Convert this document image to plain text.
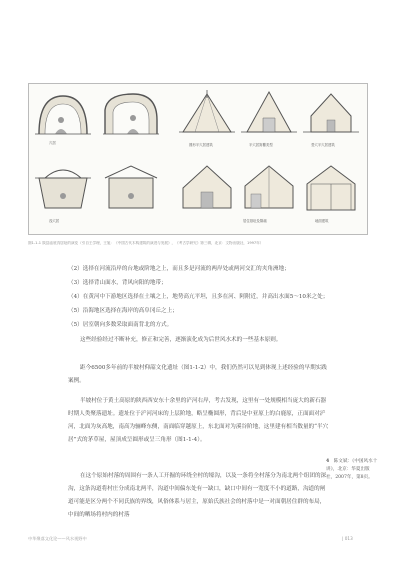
穴居	半穴居窝棚类型	竖穴半穴居建筑
圆形半穴居建筑
浅穴居	居住基址及隔墙	地面建筑
图1-1-1 陕县庙底沟居址的演变（引自王学理，王旭：《中国古代木构建筑的演进与发展》，《考古学研究》第三辑，北京：文物出版社，1997年）

（2）选择在河流沿岸的台地或阶地之上，而且多是河流的两岸处或两河交汇的夹角洲地；

（3）选择背山面水，背风向阳的地带；

（4）在黄河中下游地区选择在土壤之上，地势高亢平坦，且多在河、阿附近，并高出水面5～10米之处；

（5）沿海地区选择在海岸的高阜冈丘之上；

（5）居室朝向多数采取面南背北的方式。

这些经验经过不断补充，修正和完善，逐渐演化成为后世风水术的一些基本原则。

距今6500多年前的半坡村仰韶文化遗址（图1-1-2）中，我们仍然可以见到体现上述经验的早期实践案例。

半坡村位于黄土高原的陕西西安东十余里的浐河右岸，考古发现，这里有一处规模相当庞大的新石器时期人类聚落遗址。遗址位于浐河河床的上层阶地，略呈椭圆形，背后是中亚原上的白鹿原，正面面对浐河，北面为灰高地，南高为骊峰东侧，南面临穿越原上，东北面对为溪谷阶地，这里建有相当数量的“半穴居”式的茅草屋，屋顶成呈圆形或呈三角形（图1-1-4）。

在这个原始村落的周围有一条人工开掘的环绕全村的壕沟，以及一条将全村落分为南北两个组团的深沟，这条沟道将村庄分成南北两半，沟道中间偏东处有一缺口，缺口中间有一宽度不小的道路，沟道的闸道可能是区分两个不同氏族的界线，风俗体系与居主，原始氏族社会的村落中是一对面朝居住群的布局，中间的晒场将村内的村落

4 陈文斌：《中国风水十讲》，北京：华夏出版社，2007年，第8页。
中华聚落文化论——风水视野中	| 013
